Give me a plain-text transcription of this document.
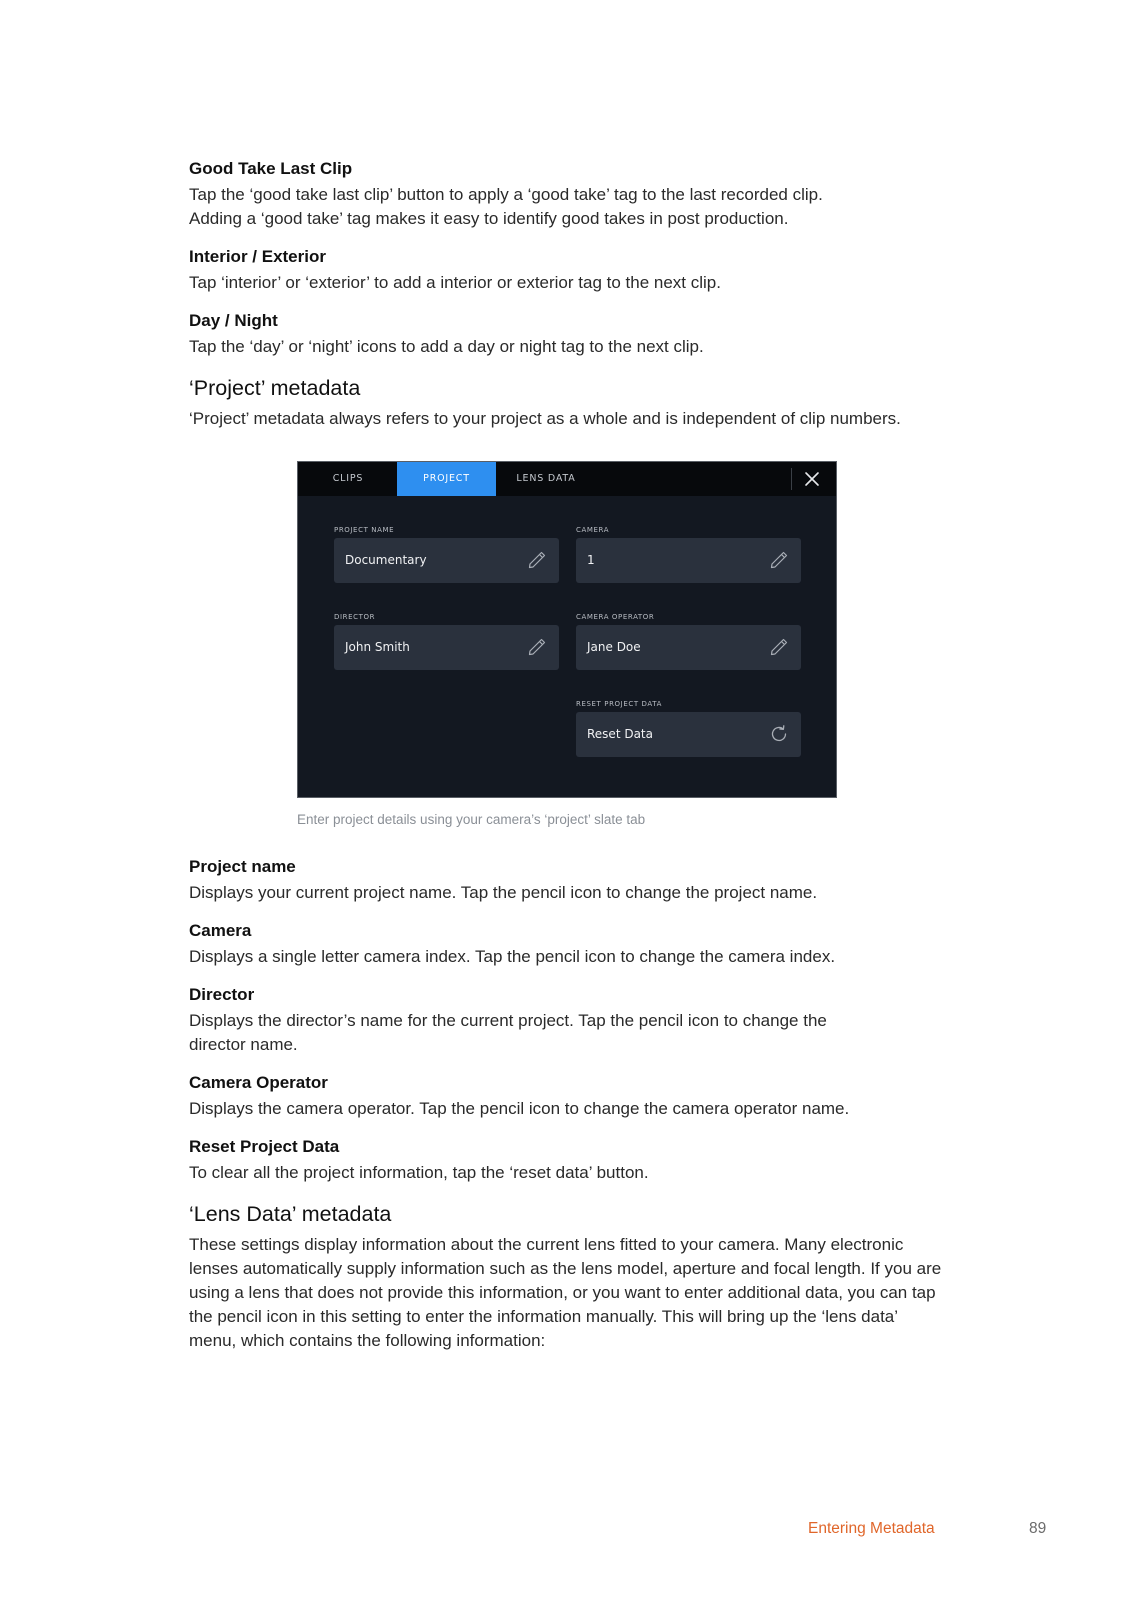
Good Take Last Clip

Tap the ‘good take last clip’ button to apply a ‘good take’ tag to the last recorded clip. Adding a ‘good take’ tag makes it easy to identify good takes in post production.

Interior / Exterior

Tap ‘interior’ or ‘exterior’ to add a interior or exterior tag to the next clip.

Day / Night

Tap the ‘day’ or ‘night’ icons to add a day or night tag to the next clip.

‘Project’ metadata

‘Project’ metadata always refers to your project as a whole and is independent of clip numbers.

CLIPS	PROJECT	LENS DATA
PROJECT NAME
Documentary
CAMERA
1
DIRECTOR
John Smith
CAMERA OPERATOR
Jane Doe
RESET PROJECT DATA
Reset Data
Enter project details using your camera’s ‘project’ slate tab

Project name

Displays your current project name. Tap the pencil icon to change the project name.

Camera

Displays a single letter camera index. Tap the pencil icon to change the camera index.

Director

Displays the director’s name for the current project. Tap the pencil icon to change the director name.

Camera Operator

Displays the camera operator. Tap the pencil icon to change the camera operator name.

Reset Project Data

To clear all the project information, tap the ‘reset data’ button.

‘Lens Data’ metadata

These settings display information about the current lens fitted to your camera. Many electronic lenses automatically supply information such as the lens model, aperture and focal length. If you are using a lens that does not provide this information, or you want to enter additional data, you can tap the pencil icon in this setting to enter the information manually. This will bring up the ‘lens data’ menu, which contains the following information:

Entering Metadata	89
